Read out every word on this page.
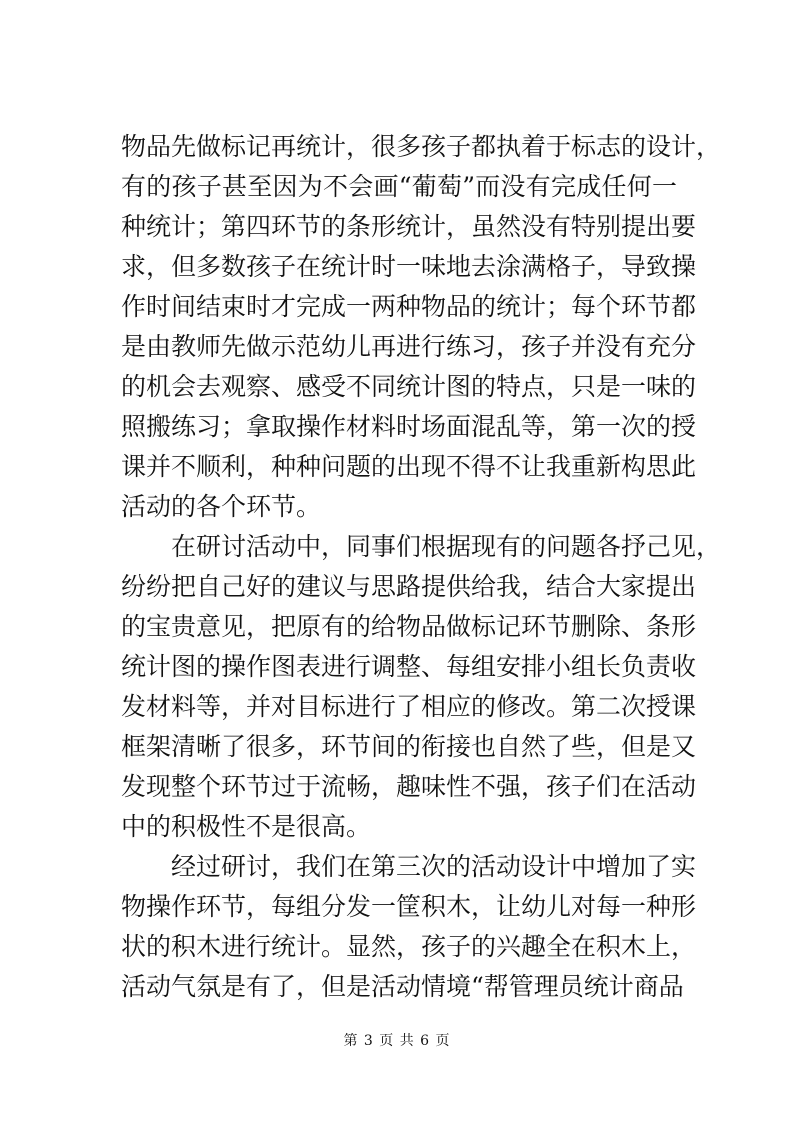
物品先做标记再统计，很多孩子都执着于标志的设计，
有的孩子甚至因为不会画“葡萄”而没有完成任何一
种统计；第四环节的条形统计，虽然没有特别提出要
求，但多数孩子在统计时一味地去涂满格子，导致操
作时间结束时才完成一两种物品的统计；每个环节都
是由教师先做示范幼儿再进行练习，孩子并没有充分
的机会去观察、感受不同统计图的特点，只是一味的
照搬练习；拿取操作材料时场面混乱等，第一次的授
课并不顺利，种种问题的出现不得不让我重新构思此
活动的各个环节。
在研讨活动中，同事们根据现有的问题各抒己见，
纷纷把自己好的建议与思路提供给我，结合大家提出
的宝贵意见，把原有的给物品做标记环节删除、条形
统计图的操作图表进行调整、每组安排小组长负责收
发材料等，并对目标进行了相应的修改。第二次授课
框架清晰了很多，环节间的衔接也自然了些，但是又
发现整个环节过于流畅，趣味性不强，孩子们在活动
中的积极性不是很高。
经过研讨，我们在第三次的活动设计中增加了实
物操作环节，每组分发一筐积木，让幼儿对每一种形
状的积木进行统计。显然，孩子的兴趣全在积木上，
活动气氛是有了，但是活动情境“帮管理员统计商品
第 3 页 共 6 页
